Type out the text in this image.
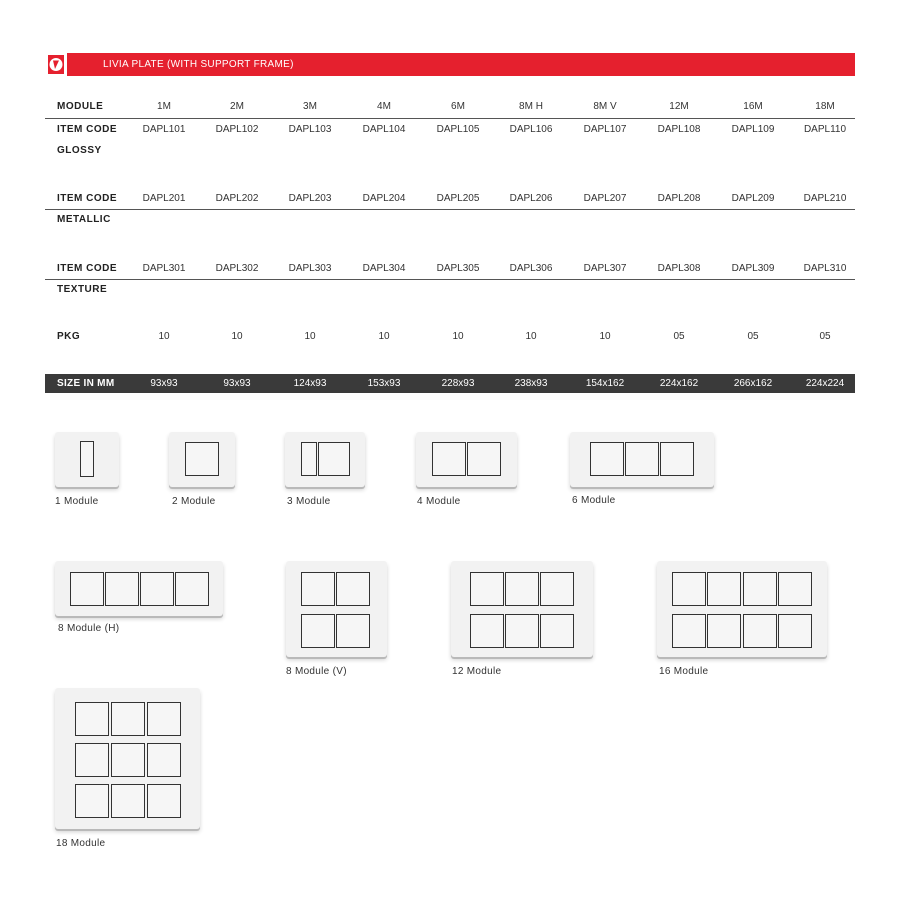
LIVIA PLATE (WITH SUPPORT FRAME)
MODULE	1M	2M	3M	4M	6M	8M H	8M V	12M	16M	18M
ITEM CODE	DAPL101	DAPL102	DAPL103	DAPL104	DAPL105	DAPL106	DAPL107	DAPL108	DAPL109	DAPL110
GLOSSY
ITEM CODE	DAPL201	DAPL202	DAPL203	DAPL204	DAPL205	DAPL206	DAPL207	DAPL208	DAPL209	DAPL210
METALLIC
ITEM CODE	DAPL301	DAPL302	DAPL303	DAPL304	DAPL305	DAPL306	DAPL307	DAPL308	DAPL309	DAPL310
TEXTURE
PKG	10	10	10	10	10	10	10	05	05	05
SIZE IN MM	93x93	93x93	124x93	153x93	228x93	238x93	154x162	224x162	266x162	224x224
1 Module	2 Module	3 Module	4 Module	6 Module
8 Module (H)
8 Module (V)	12 Module	16 Module
18 Module
